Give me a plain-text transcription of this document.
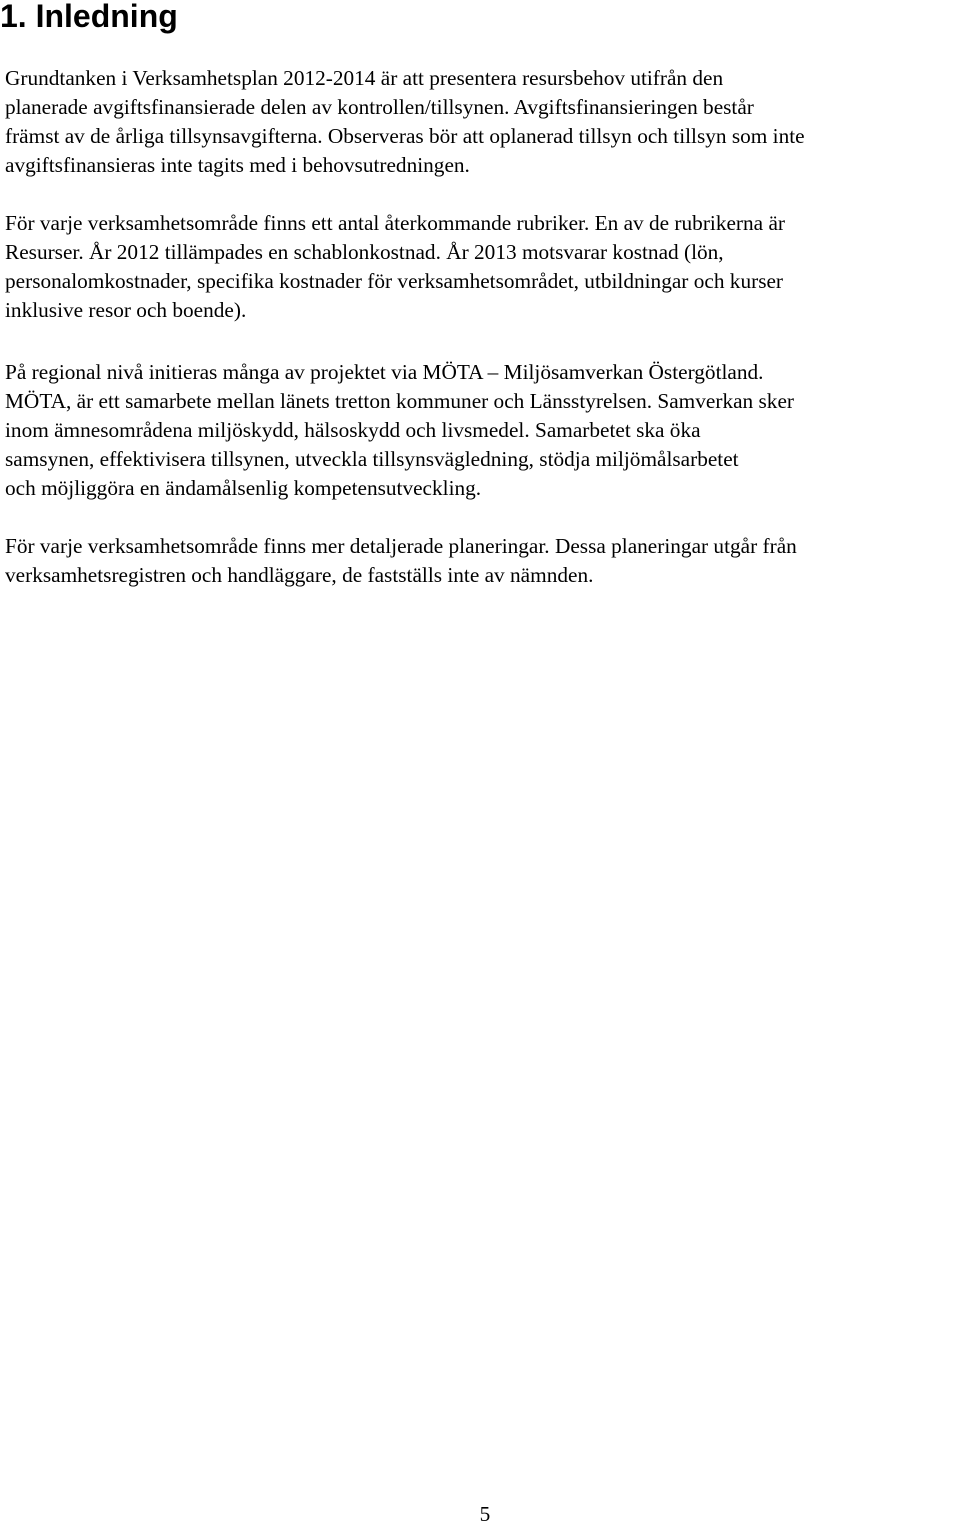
1. Inledning

Grundtanken i Verksamhetsplan 2012-2014 är att presentera resursbehov utifrån den
planerade avgiftsfinansierade delen av kontrollen/tillsynen. Avgiftsfinansieringen består
främst av de årliga tillsynsavgifterna. Observeras bör att oplanerad tillsyn och tillsyn som inte
avgiftsfinansieras inte tagits med i behovsutredningen.

För varje verksamhetsområde finns ett antal återkommande rubriker. En av de rubrikerna är
Resurser. År 2012 tillämpades en schablonkostnad. År 2013 motsvarar kostnad (lön,
personalomkostnader, specifika kostnader för verksamhetsområdet, utbildningar och kurser
inklusive resor och boende).

På regional nivå initieras många av projektet via MÖTA – Miljösamverkan Östergötland.
MÖTA, är ett samarbete mellan länets tretton kommuner och Länsstyrelsen. Samverkan sker
inom ämnesområdena miljöskydd, hälsoskydd och livsmedel. Samarbetet ska öka
samsynen, effektivisera tillsynen, utveckla tillsynsvägledning, stödja miljömålsarbetet
och möjliggöra en ändamålsenlig kompetensutveckling.

För varje verksamhetsområde finns mer detaljerade planeringar. Dessa planeringar utgår från
verksamhetsregistren och handläggare, de fastställs inte av nämnden.

5
